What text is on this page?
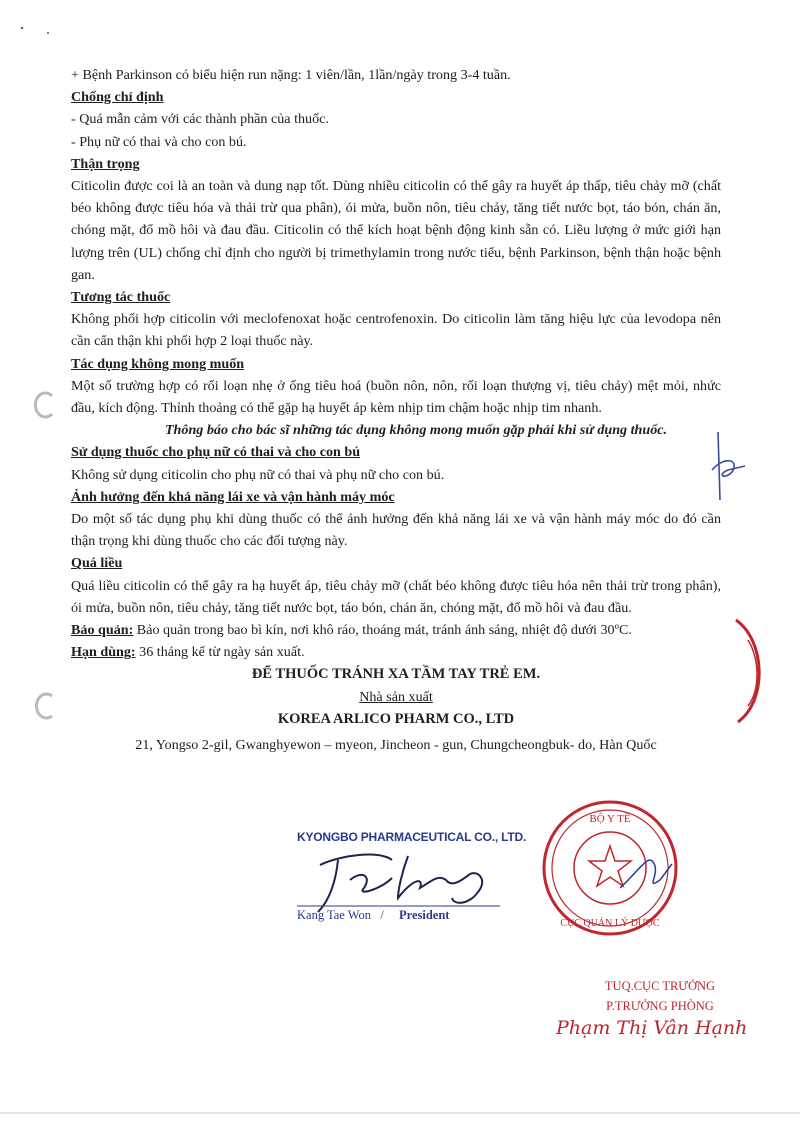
+ Bệnh Parkinson có biểu hiện run nặng: 1 viên/lần, 1lần/ngày trong 3-4 tuần.

Chống chỉ định

- Quá mẫn cảm với các thành phần của thuốc.

- Phụ nữ có thai và cho con bú.

Thận trọng

Citicolin được coi là an toàn và dung nạp tốt. Dùng nhiều citicolin có thể gây ra huyết áp thấp, tiêu chảy mỡ (chất béo không được tiêu hóa và thải trừ qua phân), ói mửa, buồn nôn, tiêu chảy, tăng tiết nước bọt, táo bón, chán ăn, chóng mặt, đổ mồ hôi và đau đầu. Citicolin có thể kích hoạt bệnh động kinh sẵn có. Liều lượng ở mức giới hạn lượng trên (UL) chống chỉ định cho người bị trimethylamin trong nước tiểu, bệnh Parkinson, bệnh thận hoặc bệnh gan.

Tương tác thuốc

Không phối hợp citicolin với meclofenoxat hoặc centrofenoxin. Do citicolin làm tăng hiệu lực của levodopa nên cần cẩn thận khi phối hợp 2 loại thuốc này.

Tác dụng không mong muốn

Một số trường hợp có rối loạn nhẹ ở ống tiêu hoá (buồn nôn, nôn, rối loạn thượng vị, tiêu chảy) mệt mỏi, nhức đầu, kích động. Thỉnh thoảng có thể gặp hạ huyết áp kèm nhịp tim chậm hoặc nhịp tim nhanh.

Thông báo cho bác sĩ những tác dụng không mong muốn gặp phải khi sử dụng thuốc.

Sử dụng thuốc cho phụ nữ có thai và cho con bú

Không sử dụng citicolin cho phụ nữ có thai và phụ nữ cho con bú.

Ảnh hưởng đến khả năng lái xe và vận hành máy móc

Do một số tác dụng phụ khi dùng thuốc có thể ảnh hưởng đến khả năng lái xe và vận hành máy móc do đó cần thận trọng khi dùng thuốc cho các đối tượng này.

Quá liều

Quá liều citicolin có thể gây ra hạ huyết áp, tiêu chảy mỡ (chất béo không được tiêu hóa nên thải trừ trong phân), ói mửa, buồn nôn, tiêu chảy, tăng tiết nước bọt, táo bón, chán ăn, chóng mặt, đổ mồ hôi và đau đầu.

Bảo quản: Bảo quản trong bao bì kín, nơi khô ráo, thoáng mát, tránh ánh sáng, nhiệt độ dưới 30ºC.

Hạn dùng: 36 tháng kể từ ngày sản xuất.

ĐỂ THUỐC TRÁNH XA TẦM TAY TRẺ EM.

Nhà sản xuất

KOREA ARLICO PHARM CO., LTD

21, Yongso 2-gil, Gwanghyewon – myeon, Jincheon - gun, Chungcheongbuk- do, Hàn Quốc

BỘ Y TẾ
CỤC QUẢN LÝ DƯỢC
KYONGBO PHARMACEUTICAL CO., LTD.
Kang Tae Won / President
TUQ.CỤC TRƯỞNG
P.TRƯỞNG PHÒNG
Phạm Thị Vân Hạnh
